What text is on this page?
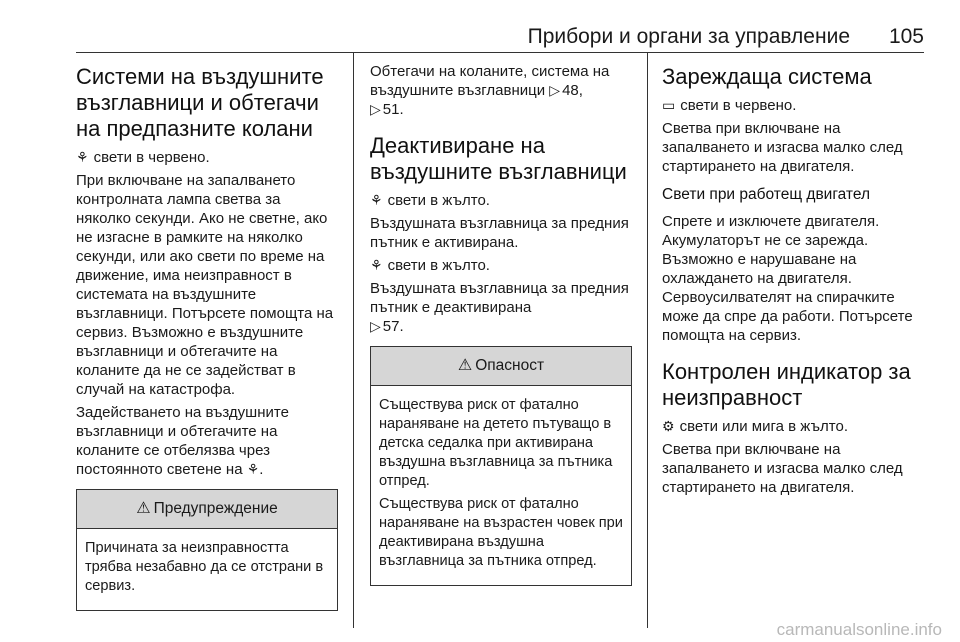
Прибори и органи за управление 105
Системи на въздушните възглавници и обтегачи на предпазните колани

⚘ свети в червено.

При включване на запалването контролната лампа светва за няколко секунди. Ако не светне, ако не изгасне в рамките на няколко секунди, или ако свети по време на движение, има неизправност в системата на въздушните възглавници. Потърсете помощта на сервиз. Възможно е въздушните възглавници и обтегачите на коланите да не се задействат в случай на катастрофа.

Задействането на въздушните възглавници и обтегачите на коланите се отбелязва чрез постоянното светене на ⚘.

⚠ Предупреждение

Причината за неизправността трябва незабавно да се отстрани в сервиз.

Обтегачи на коланите, система на въздушните възглавници ▷ 48,
▷ 51.

Деактивиране на въздушните възглавници

⚘ свети в жълто.

Въздушната възглавница за предния пътник е активирана.

⚘ свети в жълто.

Въздушната възглавница за предния пътник е деактивирана
▷ 57.

⚠ Опасност

Съществува риск от фатално нараняване на детето пътуващо в детска седалка при активирана въздушна възглавница за пътника отпред.

Съществува риск от фатално нараняване на възрастен човек при деактивирана въздушна възглавница за пътника отпред.

Зареждаща система

▭ свети в червено.

Светва при включване на запалването и изгасва малко след стартирането на двигателя.

Свети при работещ двигател

Спрете и изключете двигателя. Акумулаторът не се зарежда. Възможно е нарушаване на охлаждането на двигателя. Сервоусилвателят на спирачките може да спре да работи. Потърсете помощта на сервиз.

Контролен индикатор за неизправност

⚙ свети или мига в жълто.

Светва при включване на запалването и изгасва малко след стартирането на двигателя.

carmanualsonline.info
